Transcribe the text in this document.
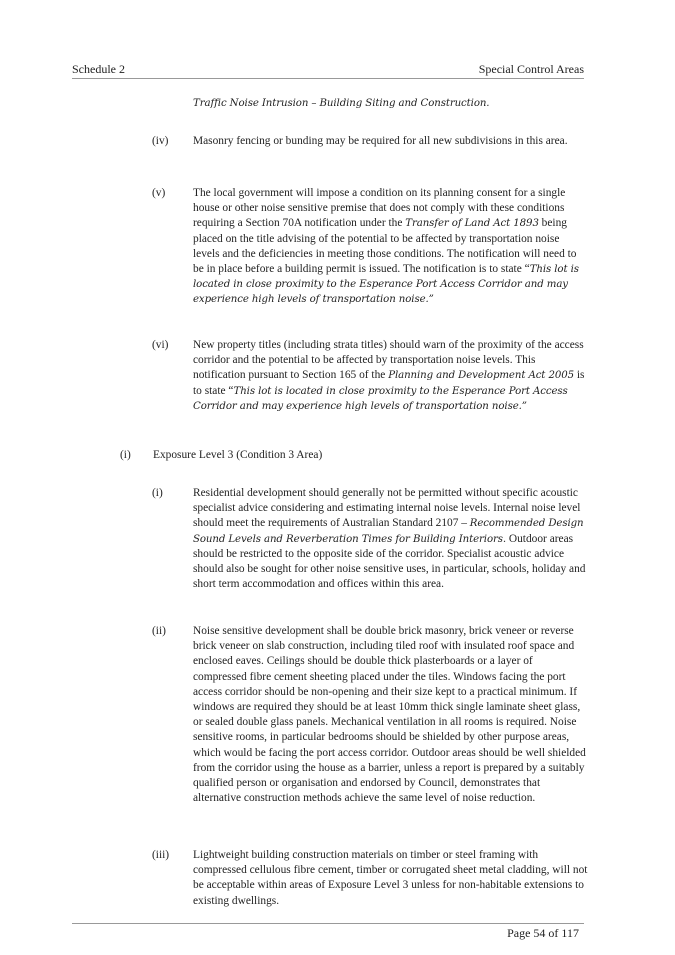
Schedule 2	Special Control Areas
Traffic Noise Intrusion – Building Siting and Construction.
(iv)	Masonry fencing or bunding may be required for all new subdivisions in this area.
(v)	The local government will impose a condition on its planning consent for a single house or other noise sensitive premise that does not comply with these conditions requiring a Section 70A notification under the Transfer of Land Act 1893 being placed on the title advising of the potential to be affected by transportation noise levels and the deficiencies in meeting those conditions. The notification will need to be in place before a building permit is issued. The notification is to state “This lot is located in close proximity to the Esperance Port Access Corridor and may experience high levels of transportation noise.”
(vi)	New property titles (including strata titles) should warn of the proximity of the access corridor and the potential to be affected by transportation noise levels. This notification pursuant to Section 165 of the Planning and Development Act 2005 is to state “This lot is located in close proximity to the Esperance Port Access Corridor and may experience high levels of transportation noise.”
(i) Exposure Level 3 (Condition 3 Area)
(i)	Residential development should generally not be permitted without specific acoustic specialist advice considering and estimating internal noise levels. Internal noise level should meet the requirements of Australian Standard 2107 – Recommended Design Sound Levels and Reverberation Times for Building Interiors. Outdoor areas should be restricted to the opposite side of the corridor. Specialist acoustic advice should also be sought for other noise sensitive uses, in particular, schools, holiday and short term accommodation and offices within this area.
(ii)	Noise sensitive development shall be double brick masonry, brick veneer or reverse brick veneer on slab construction, including tiled roof with insulated roof space and enclosed eaves. Ceilings should be double thick plasterboards or a layer of compressed fibre cement sheeting placed under the tiles. Windows facing the port access corridor should be non-opening and their size kept to a practical minimum. If windows are required they should be at least 10mm thick single laminate sheet glass, or sealed double glass panels. Mechanical ventilation in all rooms is required. Noise sensitive rooms, in particular bedrooms should be shielded by other purpose areas, which would be facing the port access corridor. Outdoor areas should be well shielded from the corridor using the house as a barrier, unless a report is prepared by a suitably qualified person or organisation and endorsed by Council, demonstrates that alternative construction methods achieve the same level of noise reduction.
(iii)	Lightweight building construction materials on timber or steel framing with compressed cellulous fibre cement, timber or corrugated sheet metal cladding, will not be acceptable within areas of Exposure Level 3 unless for non-habitable extensions to existing dwellings.
Page 54 of 117
